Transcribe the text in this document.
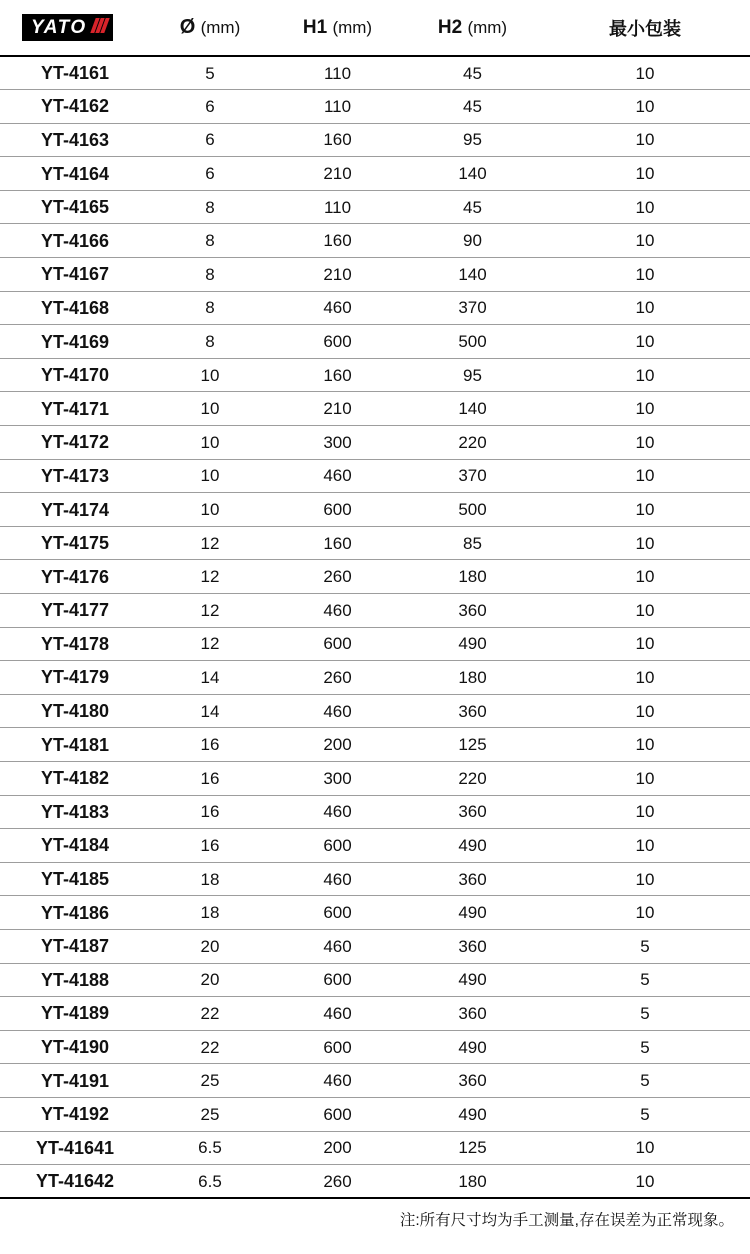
YATO	Ø (mm)	H1 (mm)	H2 (mm)	最小包装
YT-4161	5	110	45	10
YT-4162	6	110	45	10
YT-4163	6	160	95	10
YT-4164	6	210	140	10
YT-4165	8	110	45	10
YT-4166	8	160	90	10
YT-4167	8	210	140	10
YT-4168	8	460	370	10
YT-4169	8	600	500	10
YT-4170	10	160	95	10
YT-4171	10	210	140	10
YT-4172	10	300	220	10
YT-4173	10	460	370	10
YT-4174	10	600	500	10
YT-4175	12	160	85	10
YT-4176	12	260	180	10
YT-4177	12	460	360	10
YT-4178	12	600	490	10
YT-4179	14	260	180	10
YT-4180	14	460	360	10
YT-4181	16	200	125	10
YT-4182	16	300	220	10
YT-4183	16	460	360	10
YT-4184	16	600	490	10
YT-4185	18	460	360	10
YT-4186	18	600	490	10
YT-4187	20	460	360	5
YT-4188	20	600	490	5
YT-4189	22	460	360	5
YT-4190	22	600	490	5
YT-4191	25	460	360	5
YT-4192	25	600	490	5
YT-41641	6.5	200	125	10
YT-41642	6.5	260	180	10
注:所有尺寸均为手工测量,存在误差为正常现象。
